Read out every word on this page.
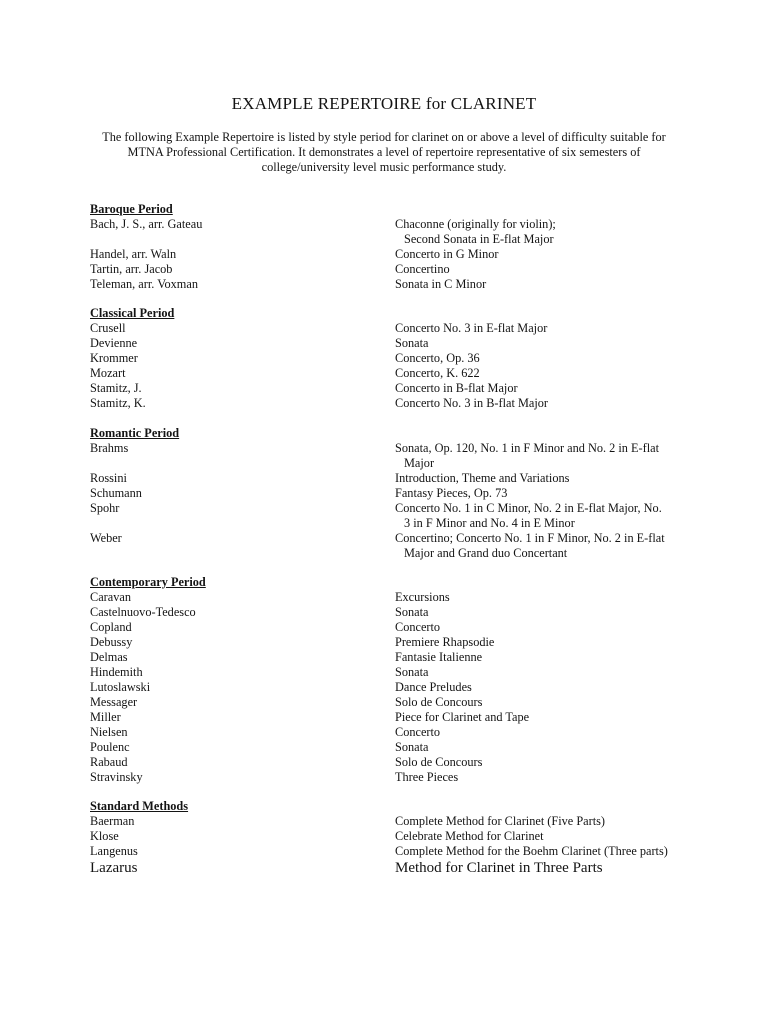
EXAMPLE REPERTOIRE for CLARINET
The following Example Repertoire is listed by style period for clarinet on or above a level of difficulty suitable for
MTNA Professional Certification. It demonstrates a level of repertoire representative of six semesters of
college/university level music performance study.
Baroque Period
Bach, J. S., arr. Gateau	Chaconne (originally for violin);
Second Sonata in E-flat Major
Handel, arr. Waln	Concerto in G Minor
Tartin, arr. Jacob	Concertino
Teleman, arr. Voxman	Sonata in C Minor
Classical Period
Crusell	Concerto No. 3 in E-flat Major
Devienne	Sonata
Krommer	Concerto, Op. 36
Mozart	Concerto, K. 622
Stamitz, J.	Concerto in B-flat Major
Stamitz, K.	Concerto No. 3 in B-flat Major
Romantic Period
Brahms	Sonata, Op. 120, No. 1 in F Minor and No. 2 in E-flat
Major
Rossini	Introduction, Theme and Variations
Schumann	Fantasy Pieces, Op. 73
Spohr	Concerto No. 1 in C Minor, No. 2 in E-flat Major, No.
3 in F Minor and No. 4 in E Minor
Weber	Concertino; Concerto No. 1 in F Minor, No. 2 in E-flat
Major and Grand duo Concertant
Contemporary Period
Caravan	Excursions
Castelnuovo-Tedesco	Sonata
Copland	Concerto
Debussy	Premiere Rhapsodie
Delmas	Fantasie Italienne
Hindemith	Sonata
Lutoslawski	Dance Preludes
Messager	Solo de Concours
Miller	Piece for Clarinet and Tape
Nielsen	Concerto
Poulenc	Sonata
Rabaud	Solo de Concours
Stravinsky	Three Pieces
Standard Methods
Baerman	Complete Method for Clarinet (Five Parts)
Klose	Celebrate Method for Clarinet
Langenus	Complete Method for the Boehm Clarinet (Three parts)
Lazarus	Method for Clarinet in Three Parts
